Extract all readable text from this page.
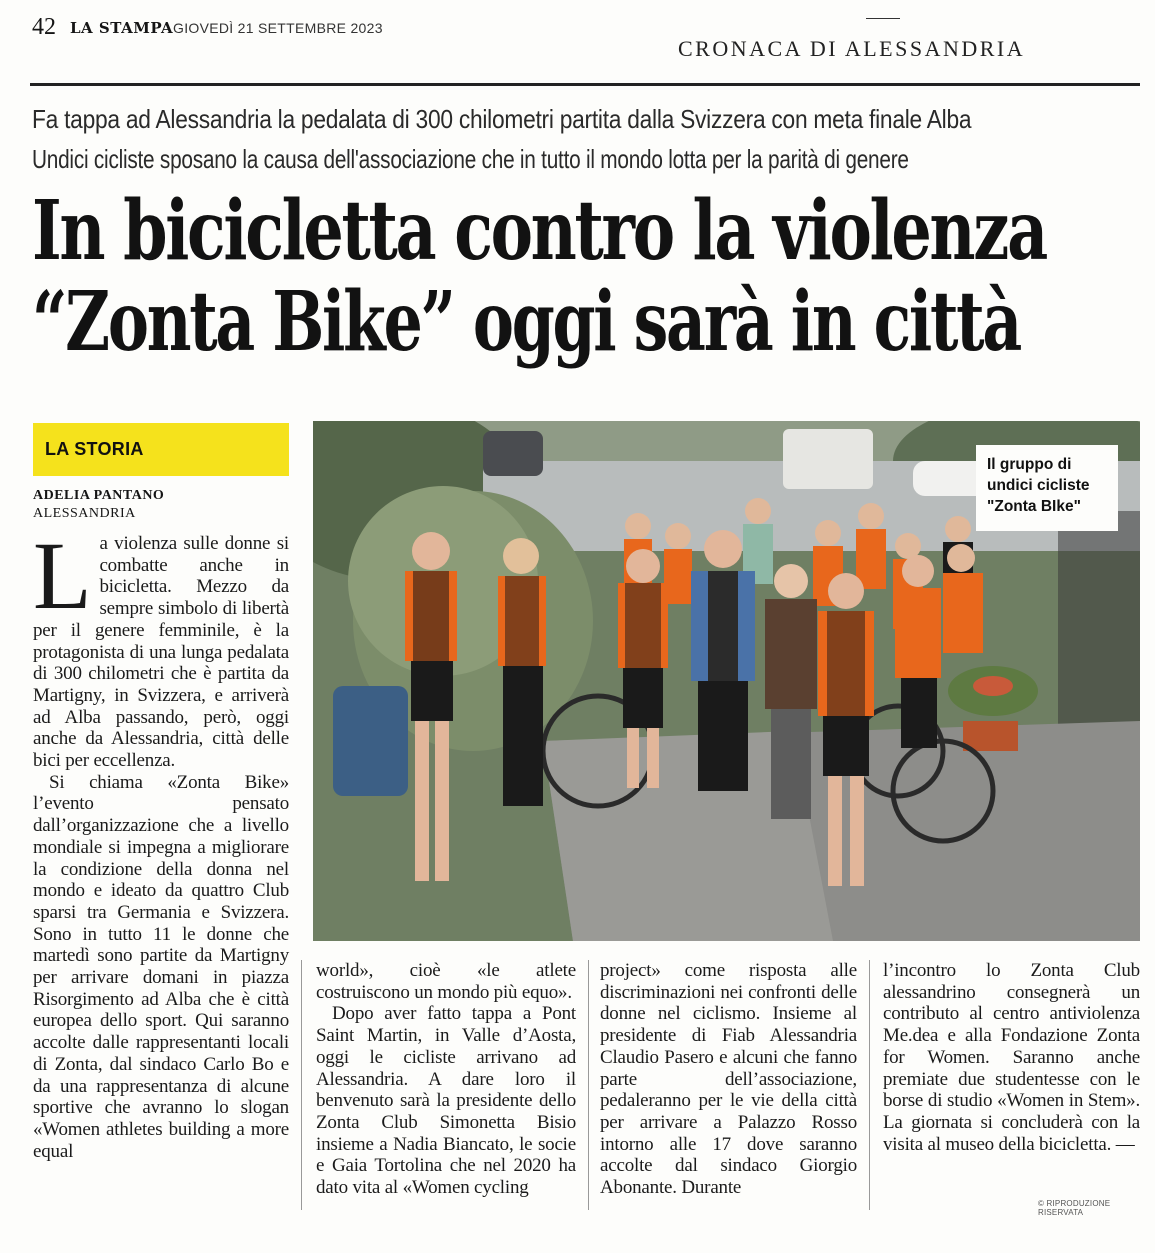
42 LA STAMPA GIOVEDÌ 21 SETTEMBRE 2023
CRONACA DI ALESSANDRIA
Fa tappa ad Alessandria la pedalata di 300 chilometri partita dalla Svizzera con meta finale Alba
Undici cicliste sposano la causa dell'associazione che in tutto il mondo lotta per la parità di genere
In bicicletta contro la violenza
“Zonta Bike” oggi sarà in città
LA STORIA
ADELIA PANTANO
ALESSANDRIA
La violenza sulle donne si combatte anche in bicicletta. Mezzo da sempre simbolo di libertà per il genere femminile, è la protagonista di una lunga pedalata di 300 chilometri che è partita da Martigny, in Svizzera, e arriverà ad Alba passando, però, oggi anche da Alessandria, città delle bici per eccellenza.
Si chiama «Zonta Bike» l’evento pensato dall’organizzazione che a livello mondiale si impegna a migliorare la condizione della donna nel mondo e ideato da quattro Club sparsi tra Germania e Svizzera. Sono in tutto 11 le donne che martedì sono partite da Martigny per arrivare domani in piazza Risorgimento ad Alba che è città europea dello sport. Qui saranno accolte dalle rappresentanti locali di Zonta, dal sindaco Carlo Bo e da una rappresentanza di alcune sportive che avranno lo slogan «Women athletes building a more equal
Il gruppo di undici cicliste "Zonta BIke"
world», cioè «le atlete costruiscono un mondo più equo».
Dopo aver fatto tappa a Pont Saint Martin, in Valle d’Aosta, oggi le cicliste arrivano ad Alessandria. A dare loro il benvenuto sarà la presidente dello Zonta Club Simonetta Bisio insieme a Nadia Biancato, le socie e Gaia Tortolina che nel 2020 ha dato vita al «Women cycling
project» come risposta alle discriminazioni nei confronti delle donne nel ciclismo. Insieme al presidente di Fiab Alessandria Claudio Pasero e alcuni che fanno parte dell’associazione, pedaleranno per le vie della città per arrivare a Palazzo Rosso intorno alle 17 dove saranno accolte dal sindaco Giorgio Abonante. Durante
l’incontro lo Zonta Club alessandrino consegnerà un contributo al centro antiviolenza Me.dea e alla Fondazione Zonta for Women. Saranno anche premiate due studentesse con le borse di studio «Women in Stem». La giornata si concluderà con la visita al museo della bicicletta. —
© RIPRODUZIONE RISERVATA
